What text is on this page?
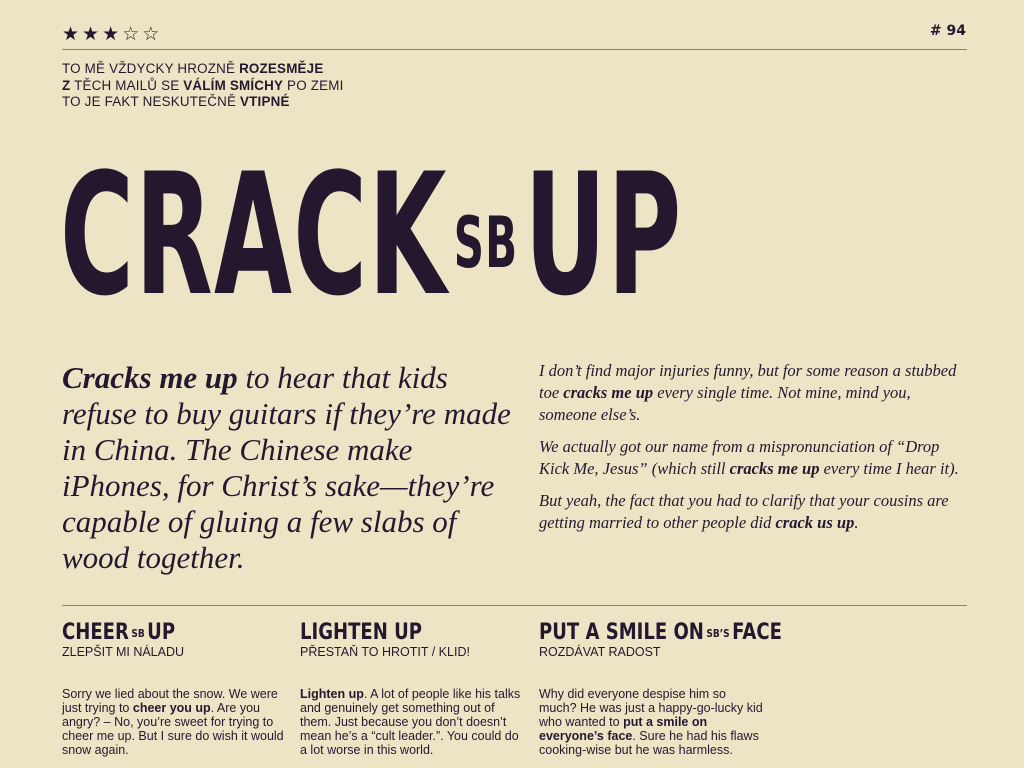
★★★☆☆	# 94
TO MĚ VŽDYCKY HROZNĚ ROZESMĚJE
Z TĚCH MAILŮ SE VÁLÍM SMÍCHY PO ZEMI
TO JE FAKT NESKUTEČNĚ VTIPNÉ
$CRACK^{SB}UP$
Cracks me up to hear that kids refuse to buy guitars if they’re made in China. The Chinese make iPhones, for Christ’s sake—they’re capable of gluing a few slabs of wood together.
I don’t find major injuries funny, but for some reason a stubbed toe cracks me up every single time. Not mine, mind you, someone else’s.
We actually got our name from a mispronunciation of “Drop Kick Me, Jesus” (which still cracks me up every time I hear it).
But yeah, the fact that you had to clarify that your cousins are getting married to other people did crack us up.
CHEER $^{SB}$ UP
ZLEPŠIT MI NÁLADU
Sorry we lied about the snow. We were just trying to cheer you up. Are you angry? – No, you’re sweet for trying to cheer me up. But I sure do wish it would snow again.
LIGHTEN UP
PŘESTAŇ TO HROTIT / KLID!
Lighten up. A lot of people like his talks and genuinely get something out of them. Just because you don’t doesn’t mean he’s a “cult leader.”. You could do a lot worse in this world.
PUT A SMILE ON $^{SB’S}$ FACE
ROZDÁVAT RADOST
Why did everyone despise him so much? He was just a happy-go-lucky kid who wanted to put a smile on everyone’s face. Sure he had his flaws cooking-wise but he was harmless.
